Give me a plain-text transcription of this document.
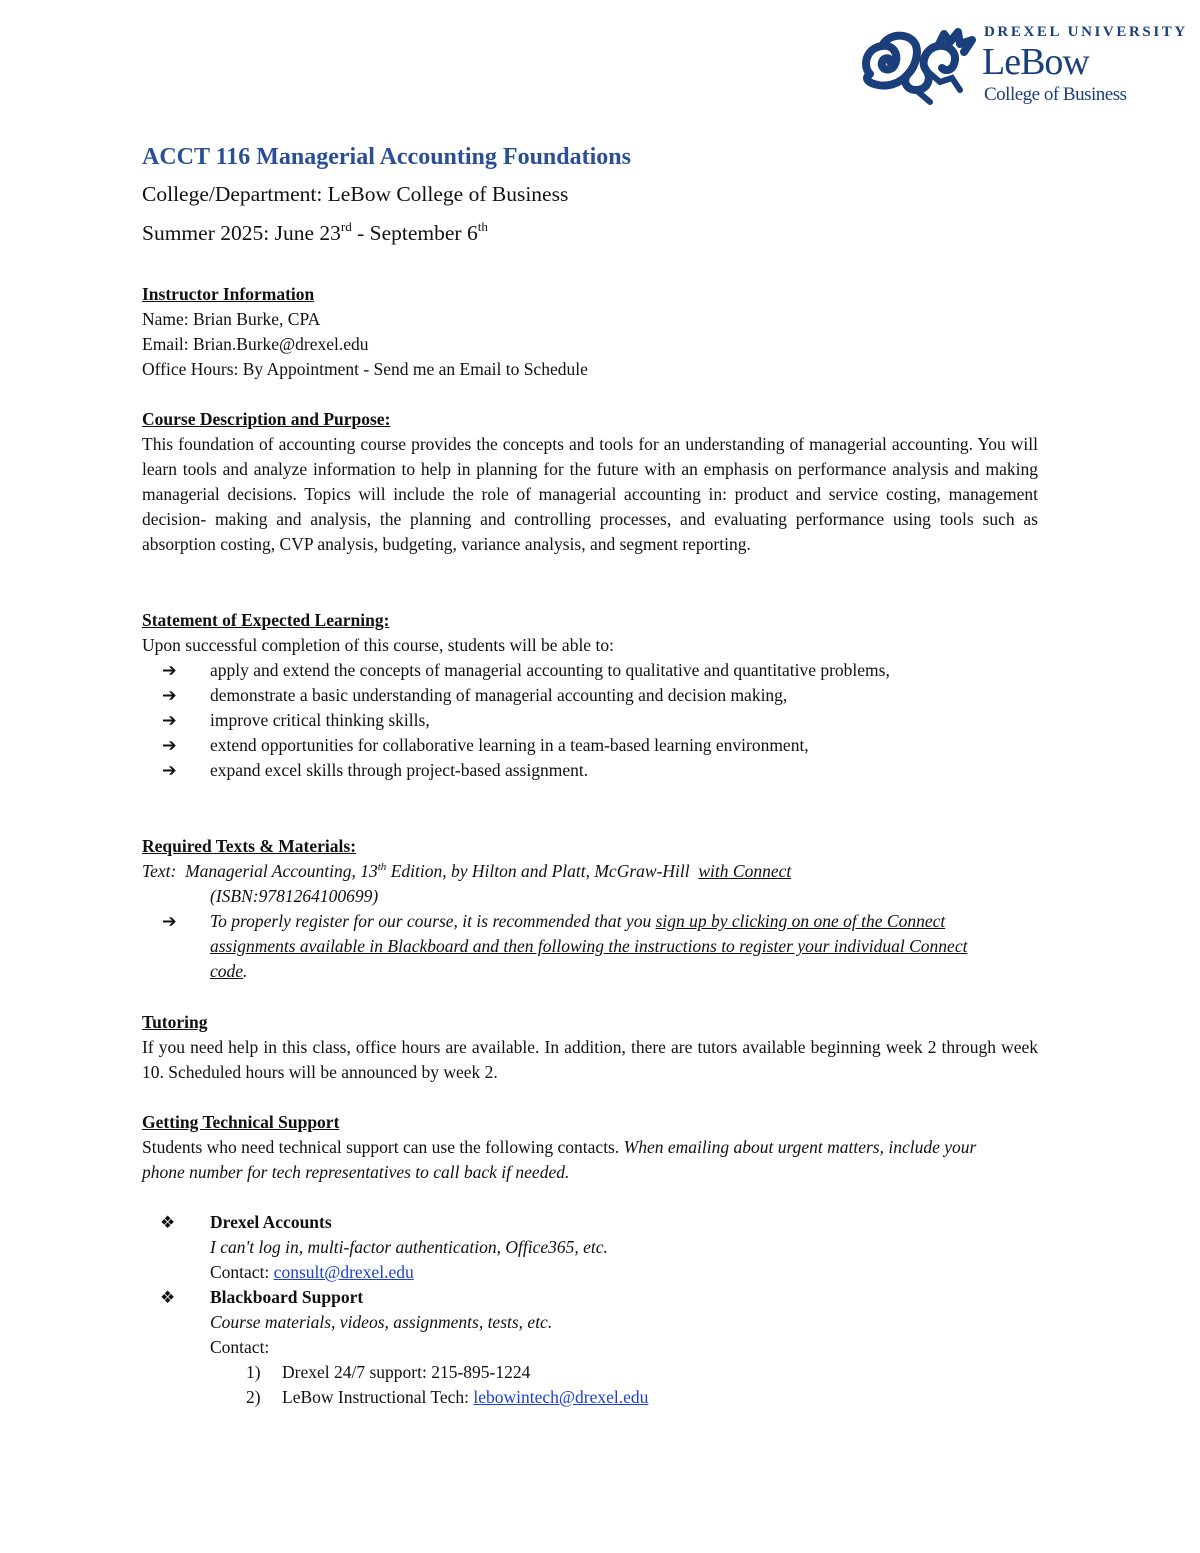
DREXEL UNIVERSITY
LeBow
College of Business
ACCT 116 Managerial Accounting Foundations
College/Department: LeBow College of Business
Summer 2025: June 23rd - September 6th
Instructor Information
Name: Brian Burke, CPA
Email: Brian.Burke@drexel.edu
Office Hours: By Appointment - Send me an Email to Schedule
Course Description and Purpose:
This foundation of accounting course provides the concepts and tools for an understanding of managerial accounting. You will learn tools and analyze information to help in planning for the future with an emphasis on performance analysis and making managerial decisions. Topics will include the role of managerial accounting in: product and service costing, management decision- making and analysis, the planning and controlling processes, and evaluating performance using tools such as absorption costing, CVP analysis, budgeting, variance analysis, and segment reporting.
Statement of Expected Learning:
Upon successful completion of this course, students will be able to:
➔ apply and extend the concepts of managerial accounting to qualitative and quantitative problems,
➔ demonstrate a basic understanding of managerial accounting and decision making,
➔ improve critical thinking skills,
➔ extend opportunities for collaborative learning in a team-based learning environment,
➔ expand excel skills through project-based assignment.
Required Texts & Materials:
Text: Managerial Accounting, 13th Edition, by Hilton and Platt, McGraw-Hill with Connect
(ISBN:9781264100699)
➔ To properly register for our course, it is recommended that you sign up by clicking on one of the Connect assignments available in Blackboard and then following the instructions to register your individual Connect code.
Tutoring
If you need help in this class, office hours are available. In addition, there are tutors available beginning week 2 through week 10. Scheduled hours will be announced by week 2.
Getting Technical Support
Students who need technical support can use the following contacts. When emailing about urgent matters, include your phone number for tech representatives to call back if needed.
❖ Drexel Accounts
I can't log in, multi-factor authentication, Office365, etc.
Contact: consult@drexel.edu
❖ Blackboard Support
Course materials, videos, assignments, tests, etc.
Contact:
1) Drexel 24/7 support: 215-895-1224
2) LeBow Instructional Tech: lebowintech@drexel.edu
